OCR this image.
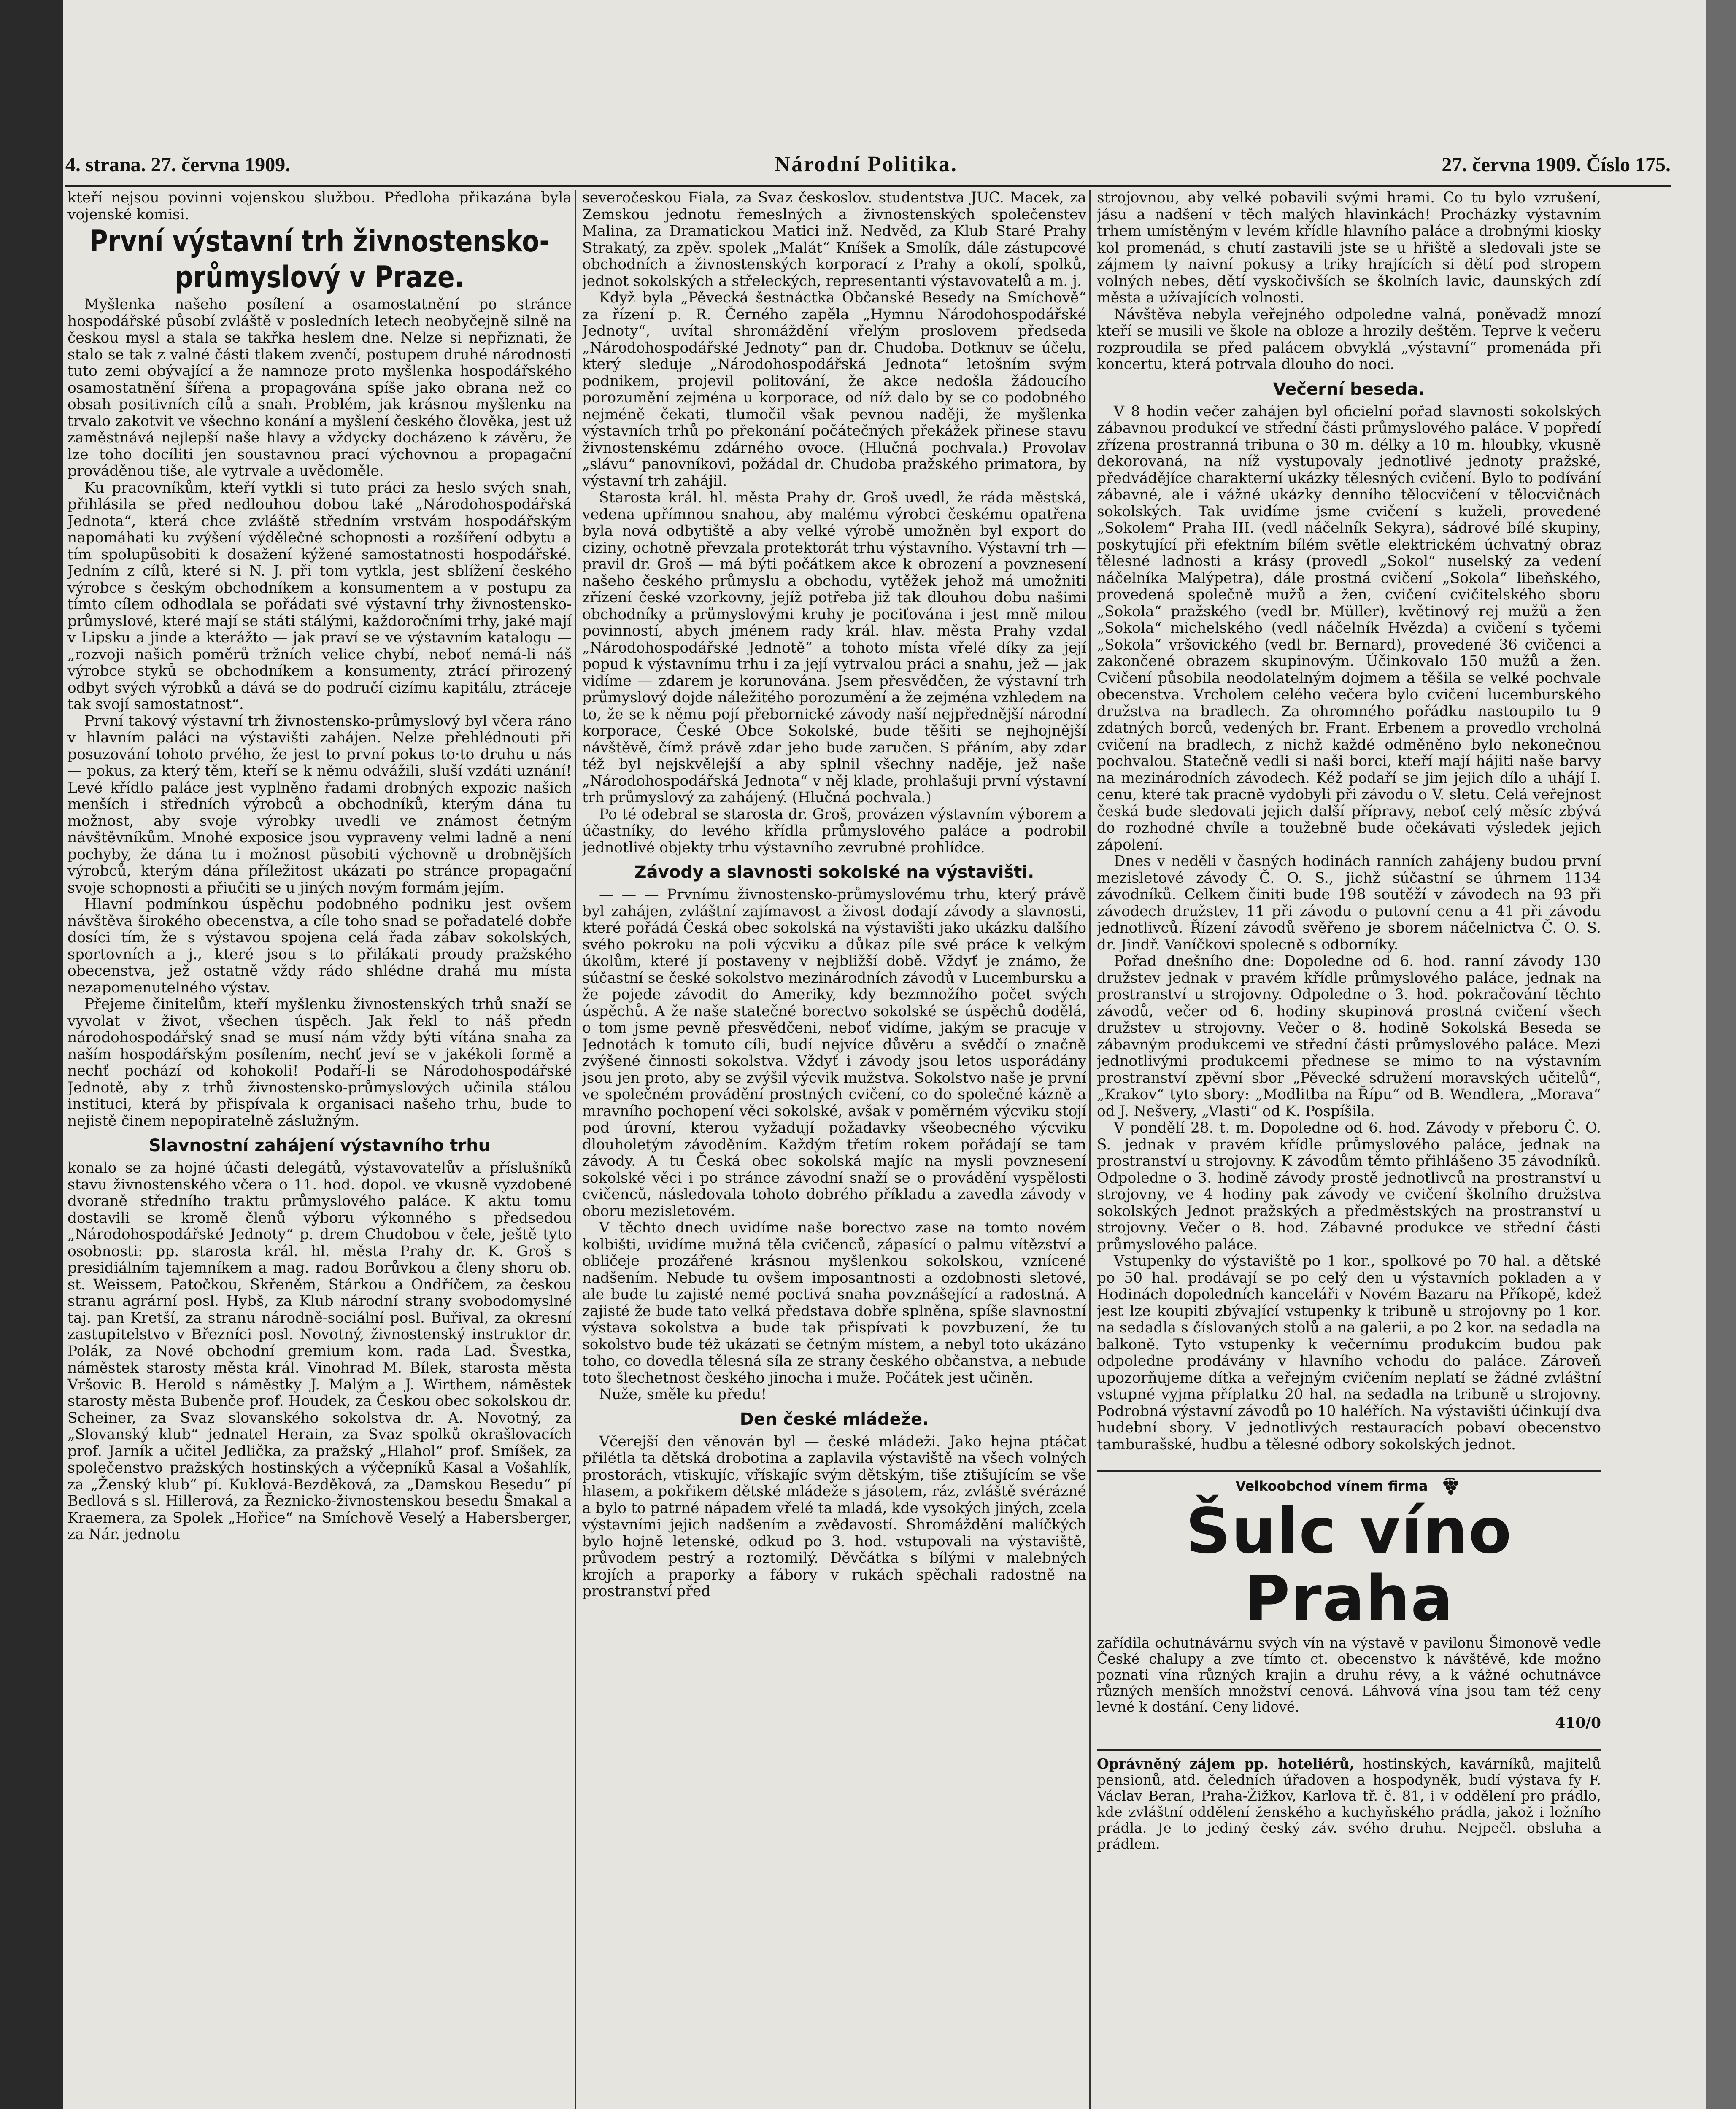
4. strana. 27. června 1909.	Národní Politika.	27. června 1909. Číslo 175.

kteří nejsou povinni vojenskou službou. Předloha přikazána byla vojenské komisi.

První výstavní trh živnostensko-průmyslový v Praze.

Myšlenka našeho posílení a osamostatnění po stránce hospodářské působí zvláště v posledních letech neobyčejně silně na českou mysl a stala se takřka heslem dne. Nelze si nepřiznati, že stalo se tak z valné části tlakem zvenčí, postupem druhé národnosti tuto zemi obývající a že namnoze proto myšlenka hospodářského osamostatnění šířena a propagována spíše jako obrana než co obsah positivních cílů a snah. Problém, jak krásnou myšlenku na trvalo zakotvit ve všechno konání a myšlení českého člověka, jest už zaměstnává nejlepší naše hlavy a vždycky docházeno k závěru, že lze toho docíliti jen soustavnou prací výchovnou a propagační prováděnou tiše, ale vytrvale a uvědoměle.

Ku pracovníkům, kteří vytkli si tuto práci za heslo svých snah, přihlásila se před nedlouhou dobou také „Národohospodářská Jednota“, která chce zvláště středním vrstvám hospodářským napomáhati ku zvýšení výdělečné schopnosti a rozšíření odbytu a tím spolupůsobiti k dosažení kýžené samostatnosti hospodářské. Jedním z cílů, které si N. J. při tom vytkla, jest sblížení českého výrobce s českým obchodníkem a konsumentem a v postupu za tímto cílem odhodlala se pořádati své výstavní trhy živnostensko-průmyslové, které mají se státi stálými, každoročními trhy, jaké mají v Lipsku a jinde a kterážto — jak praví se ve výstavním katalogu — „rozvoji našich poměrů tržních velice chybí, neboť nemá-li náš výrobce styků se obchodníkem a konsumenty, ztrácí přirozený odbyt svých výrobků a dává se do područí cizímu kapitálu, ztráceje tak svojí samostatnost“.

První takový výstavní trh živnostensko-průmyslový byl včera ráno v hlavním paláci na výstavišti zahájen. Nelze přehlédnouti při posuzování tohoto prvého, že jest to první pokus to·to druhu u nás — pokus, za který těm, kteří se k němu odvážili, sluší vzdáti uznání! Levé křídlo paláce jest vyplněno řadami drobných expozic našich menších i středních výrobců a obchodníků, kterým dána tu možnost, aby svoje výrobky uvedli ve známost četným návštěvníkům. Mnohé exposice jsou vypraveny velmi ladně a není pochyby, že dána tu i možnost působiti výchovně u drobnějších výrobců, kterým dána příležitost ukázati po stránce propagační svoje schopnosti a přiučiti se u jiných novým formám jejím.

Hlavní podmínkou úspěchu podobného podniku jest ovšem návštěva širokého obecenstva, a cíle toho snad se pořadatelé dobře dosíci tím, že s výstavou spojena celá řada zábav sokolských, sportovních a j., které jsou s to přilákati proudy pražského obecenstva, jež ostatně vždy rádo shlédne drahá mu místa nezapomenutelného výstav.

Přejeme činitelům, kteří myšlenku živnostenských trhů snaží se vyvolat v život, všechen úspěch. Jak řekl to náš předn národohospodářský snad se musí nám vždy býti vítána snaha za naším hospodářským posílením, nechť jeví se v jakékoli formě a nechť pochází od kohokoli! Podaří-li se Národohospodářské Jednotě, aby z trhů živnostensko-průmyslových učinila stálou instituci, která by přispívala k organisaci našeho trhu, bude to nejistě činem nepopiratelně záslužným.

Slavnostní zahájení výstavního trhu

konalo se za hojné účasti delegátů, výstavovatelův a příslušníků stavu živnostenského včera o 11. hod. dopol. ve vkusně vyzdobené dvoraně středního traktu průmyslového paláce. K aktu tomu dostavili se kromě členů výboru výkonného s předsedou „Národohospodářské Jednoty“ p. drem Chudobou v čele, ještě tyto osobnosti: pp. starosta král. hl. města Prahy dr. K. Groš s presidiálním tajemníkem a mag. radou Borůvkou a členy shoru ob. st. Weissem, Patočkou, Skřeněm, Stárkou a Ondříčem, za českou stranu agrární posl. Hybš, za Klub národní strany svobodomyslné taj. pan Kretší, za stranu národně-sociální posl. Buřival, za okresní zastupitelstvo v Březníci posl. Novotný, živnostenský instruktor dr. Polák, za Nové obchodní gremium kom. rada Lad. Švestka, náměstek starosty města král. Vinohrad M. Bílek, starosta města Vršovic B. Herold s náměstky J. Malým a J. Wirthem, náměstek starosty města Bubenče prof. Houdek, za Českou obec sokolskou dr. Scheiner, za Svaz slovanského sokolstva dr. A. Novotný, za „Slovanský klub“ jednatel Herain, za Svaz spolků okrašlovacích prof. Jarník a učitel Jedlička, za pražský „Hlahol“ prof. Smíšek, za společenstvo pražských hostinských a výčepníků Kasal a Vošahlík, za „Ženský klub“ pí. Kuklová-Bezděková, za „Damskou Besedu“ pí Bedlová s sl. Hillerová, za Řeznicko-živnostenskou besedu Šmakal a Kraemera, za Spolek „Hořice“ na Smíchově Veselý a Habersberger, za Nár. jednotu

severočeskou Fiala, za Svaz českoslov. studentstva JUC. Macek, za Zemskou jednotu řemeslných a živnostenských společenstev Malina, za Dramatickou Matici inž. Nedvěd, za Klub Staré Prahy Strakatý, za zpěv. spolek „Malát“ Kníšek a Smolík, dále zástupcové obchodních a živnostenských korporací z Prahy a okolí, spolků, jednot sokolských a střeleckých, representanti výstavovatelů a m. j.

Když byla „Pěvecká šestnáctka Občanské Besedy na Smíchově“ za řízení p. R. Černého zapěla „Hymnu Národohospodářské Jednoty“, uvítal shromáždění vřelým proslovem předseda „Národohospodářské Jednoty“ pan dr. Chudoba. Dotknuv se účelu, který sleduje „Národohospodářská Jednota“ letošním svým podnikem, projevil politování, že akce nedošla žádoucího porozumění zejména u korporace, od níž dalo by se co podobného nejméně čekati, tlumočil však pevnou naději, že myšlenka výstavních trhů po překonání počátečných překážek přinese stavu živnostenskému zdárného ovoce. (Hlučná pochvala.) Provolav „slávu“ panovníkovi, požádal dr. Chudoba pražského primatora, by výstavní trh zahájil.

Starosta král. hl. města Prahy dr. Groš uvedl, že ráda městská, vedena upřímnou snahou, aby malému výrobci českému opatřena byla nová odbytiště a aby velké výrobě umožněn byl export do ciziny, ochotně převzala protektorát trhu výstavního. Výstavní trh — pravil dr. Groš — má býti počátkem akce k obrození a povznesení našeho českého průmyslu a obchodu, vytěžek jehož má umožniti zřízení české vzorkovny, jejíž potřeba již tak dlouhou dobu našimi obchodníky a průmyslovými kruhy je pociťována i jest mně milou povinností, abych jménem rady král. hlav. města Prahy vzdal „Národohospodářské Jednotě“ a tohoto místa vřelé díky za její popud k výstavnímu trhu i za její vytrvalou práci a snahu, jež — jak vidíme — zdarem je korunována. Jsem přesvědčen, že výstavní trh průmyslový dojde náležitého porozumění a že zejména vzhledem na to, že se k němu pojí přebornické závody naší nejpřednější národní korporace, České Obce Sokolské, bude těšiti se nejhojnější návštěvě, čímž právě zdar jeho bude zaručen. S přáním, aby zdar též byl nejskvělejší a aby splnil všechny naděje, jež naše „Národohospodářská Jednota“ v něj klade, prohlašuji první výstavní trh průmyslový za zahájený. (Hlučná pochvala.)

Po té odebral se starosta dr. Groš, provázen výstavním výborem a účastníky, do levého křídla průmyslového paláce a podrobil jednotlivé objekty trhu výstavního zevrubné prohlídce.

Závody a slavnosti sokolské na výstavišti.

— — — Prvnímu živnostensko-průmyslovému trhu, který právě byl zahájen, zvláštní zajímavost a živost dodají závody a slavnosti, které pořádá Česká obec sokolská na výstavišti jako ukázku dalšího svého pokroku na poli výcviku a důkaz píle své práce k velkým úkolům, které jí postaveny v nejbližší době. Vždyť je známo, že súčastní se české sokolstvo mezinárodních závodů v Lucembursku a že pojede závodit do Ameriky, kdy bezmnožího počet svých úspěchů. A že naše statečné borectvo sokolské se úspěchů dodělá, o tom jsme pevně přesvědčeni, neboť vidíme, jakým se pracuje v Jednotách k tomuto cíli, budí nejvíce důvěru a svědčí o značně zvýšené činnosti sokolstva. Vždyť i závody jsou letos usporádány jsou jen proto, aby se zvýšil výcvik mužstva. Sokolstvo naše je první ve společném provádění prostných cvičení, co do společné kázně a mravního pochopení věci sokolské, avšak v poměrném výcviku stojí pod úrovní, kterou vyžadují požadavky všeobecného výcviku dlouholetým závoděním. Každým třetím rokem pořádají se tam závody. A tu Česká obec sokolská majíc na mysli povznesení sokolské věci i po stránce závodní snaží se o provádění vyspělosti cvičenců, následovala tohoto dobrého příkladu a zavedla závody v oboru mezisletovém.

V těchto dnech uvidíme naše borectvo zase na tomto novém kolbišti, uvidíme mužná těla cvičenců, zápasící o palmu vítězství a obličeje prozářené krásnou myšlenkou sokolskou, vznícené nadšením. Nebude tu ovšem imposantnosti a ozdobnosti sletové, ale bude tu zajisté nemé poctivá snaha povznášející a radostná. A zajisté že bude tato velká představa dobře splněna, spíše slavnostní výstava sokolstva a bude tak přispívati k povzbuzení, že tu sokolstvo bude též ukázati se četným místem, a nebyl toto ukázáno toho, co dovedla tělesná síla ze strany českého občanstva, a nebude toto šlechetnost českého jinocha i muže. Počátek jest učiněn.

Nuže, směle ku předu!

Den české mládeže.

Včerejší den věnován byl — české mládeži. Jako hejna ptáčat přilétla ta dětská drobotina a zaplavila výstaviště na všech volných prostorách, vtiskujíc, vřískajíc svým dětským, tiše ztišujícím se vše hlasem, a pokřikem dětské mládeže s jásotem, ráz, zvláště svérázné a bylo to patrné nápadem vřelé ta mladá, kde vysokých jiných, zcela výstavními jejich nadšením a zvědavostí. Shromáždění malíčkých bylo hojně letenské, odkud po 3. hod. vstupovali na výstaviště, průvodem pestrý a roztomilý. Děvčátka s bílými v malebných krojích a praporky a fábory v rukách spěchali radostně na prostranství před

strojovnou, aby velké pobavili svými hrami. Co tu bylo vzrušení, jásu a nadšení v těch malých hlavinkách! Procházky výstavním trhem umístěným v levém křídle hlavního paláce a drobnými kiosky kol promenád, s chutí zastavili jste se u hřiště a sledovali jste se zájmem ty naivní pokusy a triky hrajících si dětí pod stropem volných nebes, dětí vyskočivších se školních lavic, daunských zdí města a užívajících volnosti.

Návštěva nebyla veřejného odpoledne valná, poněvadž mnozí kteří se musili ve škole na obloze a hrozily deštěm. Teprve k večeru rozproudila se před palácem obvyklá „výstavní“ promenáda při koncertu, která potrvala dlouho do noci.

Večerní beseda.

V 8 hodin večer zahájen byl oficielní pořad slavnosti sokolských zábavnou produkcí ve střední části průmyslového paláce. V popředí zřízena prostranná tribuna o 30 m. délky a 10 m. hloubky, vkusně dekorovaná, na níž vystupovaly jednotlivé jednoty pražské, předvádějíce charakterní ukázky tělesných cvičení. Bylo to podívání zábavné, ale i vážné ukázky denního tělocvičení v tělocvičnách sokolských. Tak uvidíme jsme cvičení s kuželi, provedené „Sokolem“ Praha III. (vedl náčelník Sekyra), sádrové bílé skupiny, poskytující při efektním bílém světle elektrickém úchvatný obraz tělesné ladnosti a krásy (provedl „Sokol“ nuselský za vedení náčelníka Malýpetra), dále prostná cvičení „Sokola“ libeňského, provedená společně mužů a žen, cvičení cvičitelského sboru „Sokola“ pražského (vedl br. Müller), květinový rej mužů a žen „Sokola“ michelského (vedl náčelník Hvězda) a cvičení s tyčemi „Sokola“ vršovického (vedl br. Bernard), provedené 36 cvičenci a zakončené obrazem skupinovým. Účinkovalo 150 mužů a žen. Cvičení působila neodolatelným dojmem a těšila se velké pochvale obecenstva. Vrcholem celého večera bylo cvičení lucemburského družstva na bradlech. Za ohromného pořádku nastoupilo tu 9 zdatných borců, vedených br. Frant. Erbenem a provedlo vrcholná cvičení na bradlech, z nichž každé odměněno bylo nekonečnou pochvalou. Statečně vedli si naši borci, kteří mají hájiti naše barvy na mezinárodních závodech. Kéž podaří se jim jejich dílo a uhájí I. cenu, které tak pracně vydobyli při závodu o V. sletu. Celá veřejnost česká bude sledovati jejich další přípravy, neboť celý měsíc zbývá do rozhodné chvíle a toužebně bude očekávati výsledek jejich zápolení.

Dnes v neděli v časných hodinách ranních zahájeny budou první mezisletové závody Č. O. S., jichž súčastní se úhrnem 1134 závodníků. Celkem činiti bude 198 soutěží v závodech na 93 při závodech družstev, 11 při závodu o putovní cenu a 41 při závodu jednotlivců. Řízení závodů svěřeno je sborem náčelnictva Č. O. S. dr. Jindř. Vaníčkovi spolecně s odborníky.

Pořad dnešního dne: Dopoledne od 6. hod. ranní závody 130 družstev jednak v pravém křídle průmyslového paláce, jednak na prostranství u strojovny. Odpoledne o 3. hod. pokračování těchto závodů, večer od 6. hodiny skupinová prostná cvičení všech družstev u strojovny. Večer o 8. hodině Sokolská Beseda se zábavným produkcemi ve střední části průmyslového paláce. Mezi jednotlivými produkcemi přednese se mimo to na výstavním prostranství zpěvní sbor „Pěvecké sdružení moravských učitelů“, „Krakov“ tyto sbory: „Modlitba na Řípu“ od B. Wendlera, „Morava“ od J. Nešvery, „Vlasti“ od K. Pospíšila.

V pondělí 28. t. m. Dopoledne od 6. hod. Závody v přeboru Č. O. S. jednak v pravém křídle průmyslového paláce, jednak na prostranství u strojovny. K závodům těmto přihlášeno 35 závodníků. Odpoledne o 3. hodině závody prostě jednotlivců na prostranství u strojovny, ve 4 hodiny pak závody ve cvičení školního družstva sokolských Jednot pražských a předměstských na prostranství u strojovny. Večer o 8. hod. Zábavné produkce ve střední části průmyslového paláce.

Vstupenky do výstaviště po 1 kor., spolkové po 70 hal. a dětské po 50 hal. prodávají se po celý den u výstavních pokladen a v Hodinách dopoledních kanceláři v Novém Bazaru na Příkopě, kdež jest lze koupiti zbývající vstupenky k tribuně u strojovny po 1 kor. na sedadla s číslovaných stolů a na galerii, a po 2 kor. na sedadla na balkoně. Tyto vstupenky k večernímu produkcím budou pak odpoledne prodávány v hlavního vchodu do paláce. Zároveň upozorňujeme dítka a veřejným cvičením neplatí se žádné zvláštní vstupné vyjma příplatku 20 hal. na sedadla na tribuně u strojovny. Podrobná výstavní závodů po 10 haléřích. Na výstavišti účinkují dva hudební sbory. V jednotlivých restauracích pobaví obecenstvo tamburašské, hudbu a tělesné odbory sokolských jednot.

Velkoobchod vínem firma
Šulc víno Praha
zařídila ochutnávárnu svých vín na výstavě v pavilonu Šimonově vedle České chalupy a zve tímto ct. obecenstvo k návštěvě, kde možno poznati vína různých krajin a druhu révy, a k vážné ochutnávce různých menších množství cenová. Láhvová vína jsou tam též ceny levné k dostání. Ceny lidové.
410/0
Oprávněný zájem pp. hoteliérů, hostinských, kavárníků, majitelů pensionů, atd. čeledních úřadoven a hospodyněk, budí výstava fy F. Václav Beran, Praha-Žižkov, Karlova tř. č. 81, i v oddělení pro prádlo, kde zvláštní oddělení ženského a kuchyňského prádla, jakož i ložního prádla. Je to jediný český záv. svého druhu. Nejpečl. obsluha a prádlem.
